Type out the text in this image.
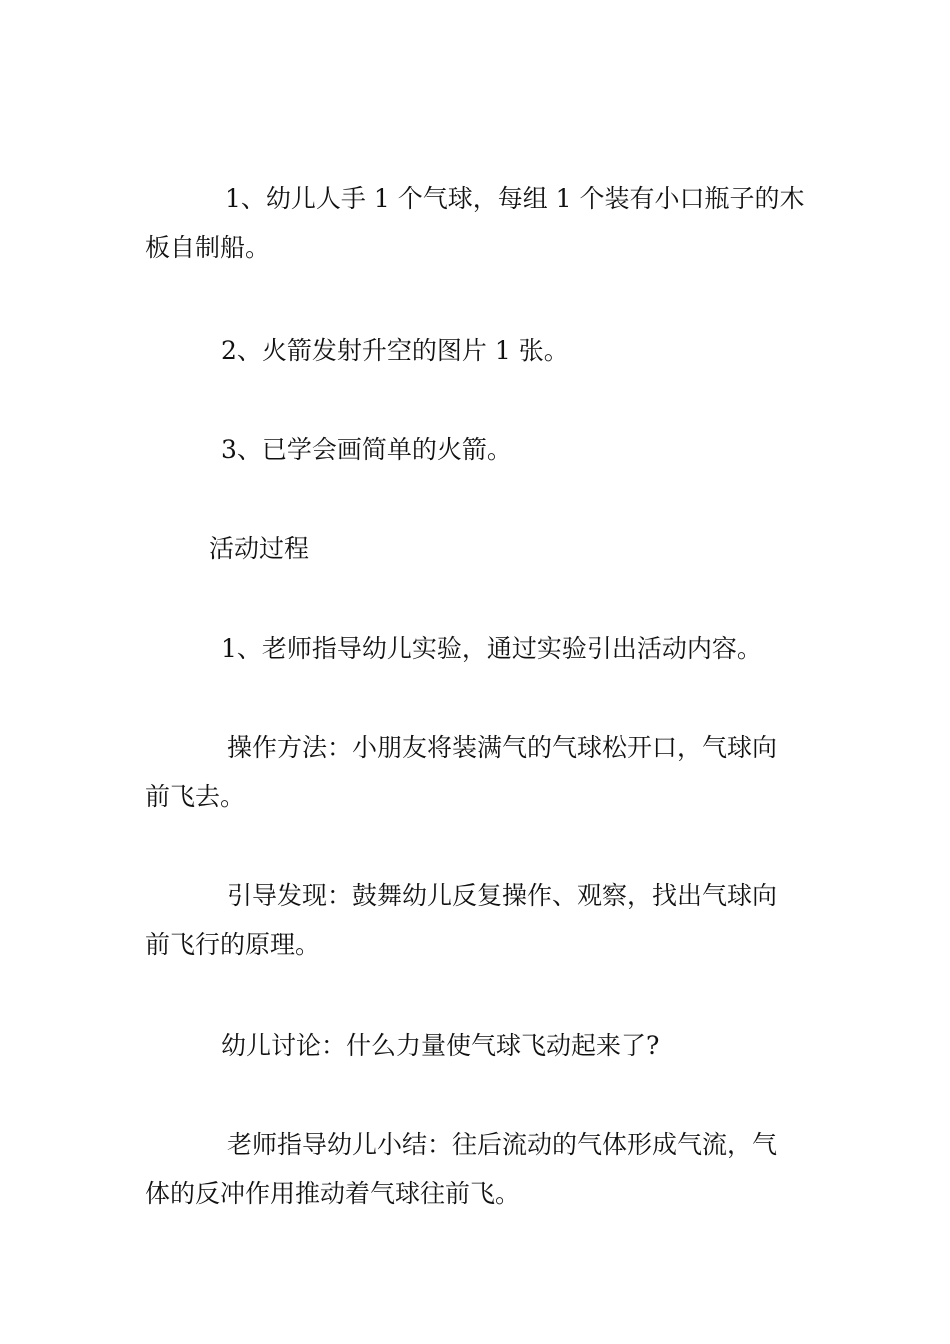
1、幼儿人手 1 个气球，每组 1 个装有小口瓶子的木
板自制船。

2、火箭发射升空的图片 1 张。

3、已学会画简单的火箭。

活动过程

1、老师指导幼儿实验，通过实验引出活动内容。

操作方法：小朋友将装满气的气球松开口，气球向
前飞去。

引导发现：鼓舞幼儿反复操作、观察，找出气球向
前飞行的原理。

幼儿讨论：什么力量使气球飞动起来了?

老师指导幼儿小结：往后流动的气体形成气流，气
体的反冲作用推动着气球往前飞。
